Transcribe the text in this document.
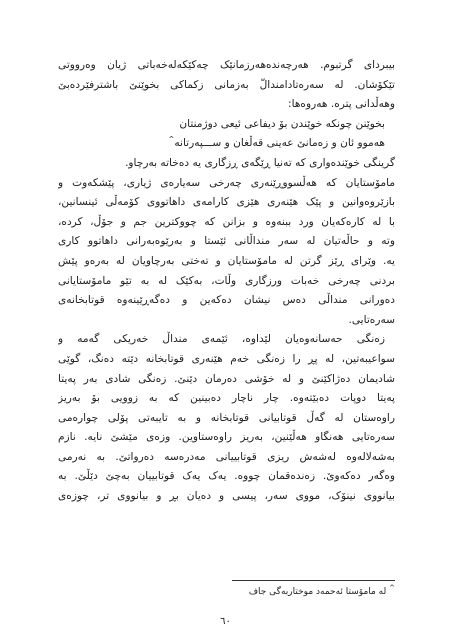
بیبردای گرتبوم. هەرچەندەهەرزمانێک چەکێکەلەخەباتی ژیان وەرووتی
تێکۆشان. لە سەرەتادامندالّ بەزمانی زکماکی بخوێنێ باشترفێردەبێ
وهەڵدانی پترە. هەروەها:

بخوێنن چونکە خوێندن بۆ دیفاعی ئیعی دوژمنتان
هەموو ئان و زەمانێ عەینی قەڵغان و ســـپەرتانە^

گرینگی خوێندەواری کە تەنیا ڕێگەی ڕزگاری یە دەخاتە بەرچاو.

مامۆستایان کە هەڵسووڕێنەری چەرخی سەیارەی ژیاری، پێشکەوت و
بازێروەوانین و پێک هێنەری هێزی کارامەی داهاتووی کۆمەڵی ئینسانین،
با لە کارەکەیان ورد ببنەوە و بزانن کە چووکترین جم و جۆڵ، کردە،
وتە و حاڵەتیان لە سەر منداڵانی ئێستا و بەرێوەبەرانی داهاتوو کاری
یە. وێرای ڕێز گرتن لە مامۆستایان و تەختی بەرچاویان لە بەرەو پێش
بردنی چەرخی خەبات ورزگاری وڵات، بەکێک لە بە تێو مامۆستایانی
دەورانی منداڵی دەس نیشان دەکەین و دەگەڕێینەوە قوتابخانەی
سەرەتایی.

زەنگی حەسانەوەیان لێداوە، ئێمەی منداڵ خەریکی گەمە و
سواعیبەتین، لە پڕ را زەنگی خەم هێنەری قوتابخانە دێتە دەنگ، گوێی
شادیمان دەژاکێنێ و لە خۆشی دەرمان دێنێ. زەنگی شادی بەر پەیتا
پەیتا دوپات دەبێتەوە. چار ناچار دەبینین کە بە زوویی بۆ بەریز
راوەستان لە گەڵ قوتابیانی قوتابخانە و بە تایبەتی پۆلی چوارەمی
سەرەتایی هەنگاو هەڵێنین، بەریز راوەستاوین. وزەی مێشێ نایە. نازم
بەشەلالەوە لەشەش ریزی قوتابییانی مەدرەسە دەرواتێ. بە نەرمی
وەگەر دەکەوێ. زەندەقمان چووە. یەک یەک قوتابییان بەچێ دێڵێ. بە
بیانووی نینۆک، مووی سەر، پیسی و دەیان بڕ و بیانووی تر، چوزەی

^ لە مامۆستا ئەحمەد موختاربەگی جاف
٦٠
